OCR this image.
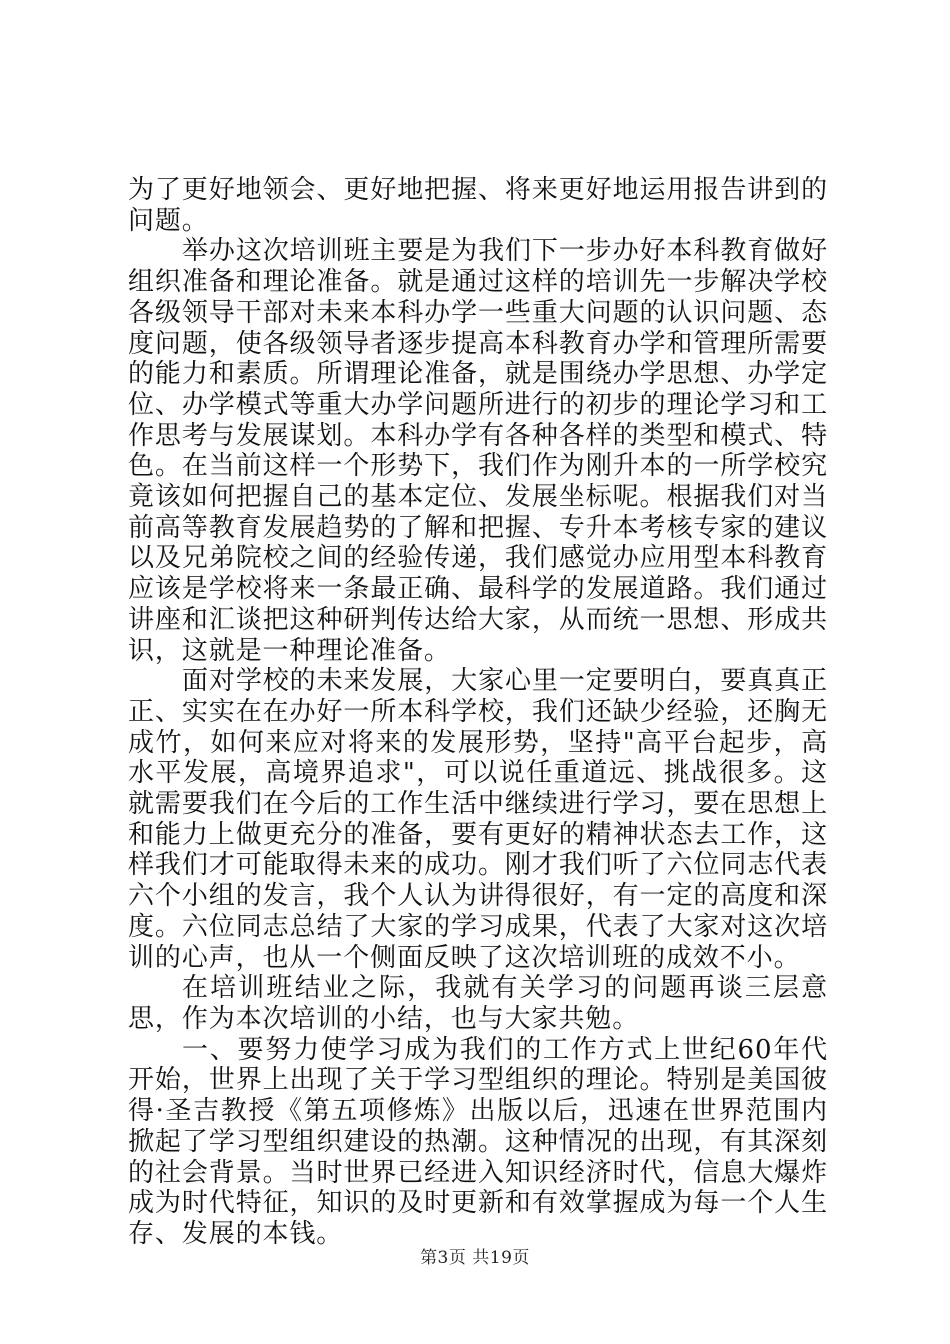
为了更好地领会、更好地把握、将来更好地运用报告讲到的问题。

举办这次培训班主要是为我们下一步办好本科教育做好组织准备和理论准备。就是通过这样的培训先一步解决学校各级领导干部对未来本科办学一些重大问题的认识问题、态度问题，使各级领导者逐步提高本科教育办学和管理所需要的能力和素质。所谓理论准备，就是围绕办学思想、办学定位、办学模式等重大办学问题所进行的初步的理论学习和工作思考与发展谋划。本科办学有各种各样的类型和模式、特色。在当前这样一个形势下，我们作为刚升本的一所学校究竟该如何把握自己的基本定位、发展坐标呢。根据我们对当前高等教育发展趋势的了解和把握、专升本考核专家的建议以及兄弟院校之间的经验传递，我们感觉办应用型本科教育应该是学校将来一条最正确、最科学的发展道路。我们通过讲座和汇谈把这种研判传达给大家，从而统一思想、形成共识，这就是一种理论准备。

面对学校的未来发展，大家心里一定要明白，要真真正正、实实在在办好一所本科学校，我们还缺少经验，还胸无成竹，如何来应对将来的发展形势，坚持"高平台起步，高水平发展，高境界追求"，可以说任重道远、挑战很多。这就需要我们在今后的工作生活中继续进行学习，要在思想上和能力上做更充分的准备，要有更好的精神状态去工作，这样我们才可能取得未来的成功。刚才我们听了六位同志代表六个小组的发言，我个人认为讲得很好，有一定的高度和深度。六位同志总结了大家的学习成果，代表了大家对这次培训的心声，也从一个侧面反映了这次培训班的成效不小。

在培训班结业之际，我就有关学习的问题再谈三层意思，作为本次培训的小结，也与大家共勉。

一、要努力使学习成为我们的工作方式上世纪60年代开始，世界上出现了关于学习型组织的理论。特别是美国彼得·圣吉教授《第五项修炼》出版以后，迅速在世界范围内掀起了学习型组织建设的热潮。这种情况的出现，有其深刻的社会背景。当时世界已经进入知识经济时代，信息大爆炸成为时代特征，知识的及时更新和有效掌握成为每一个人生存、发展的本钱。

第3页 共19页
